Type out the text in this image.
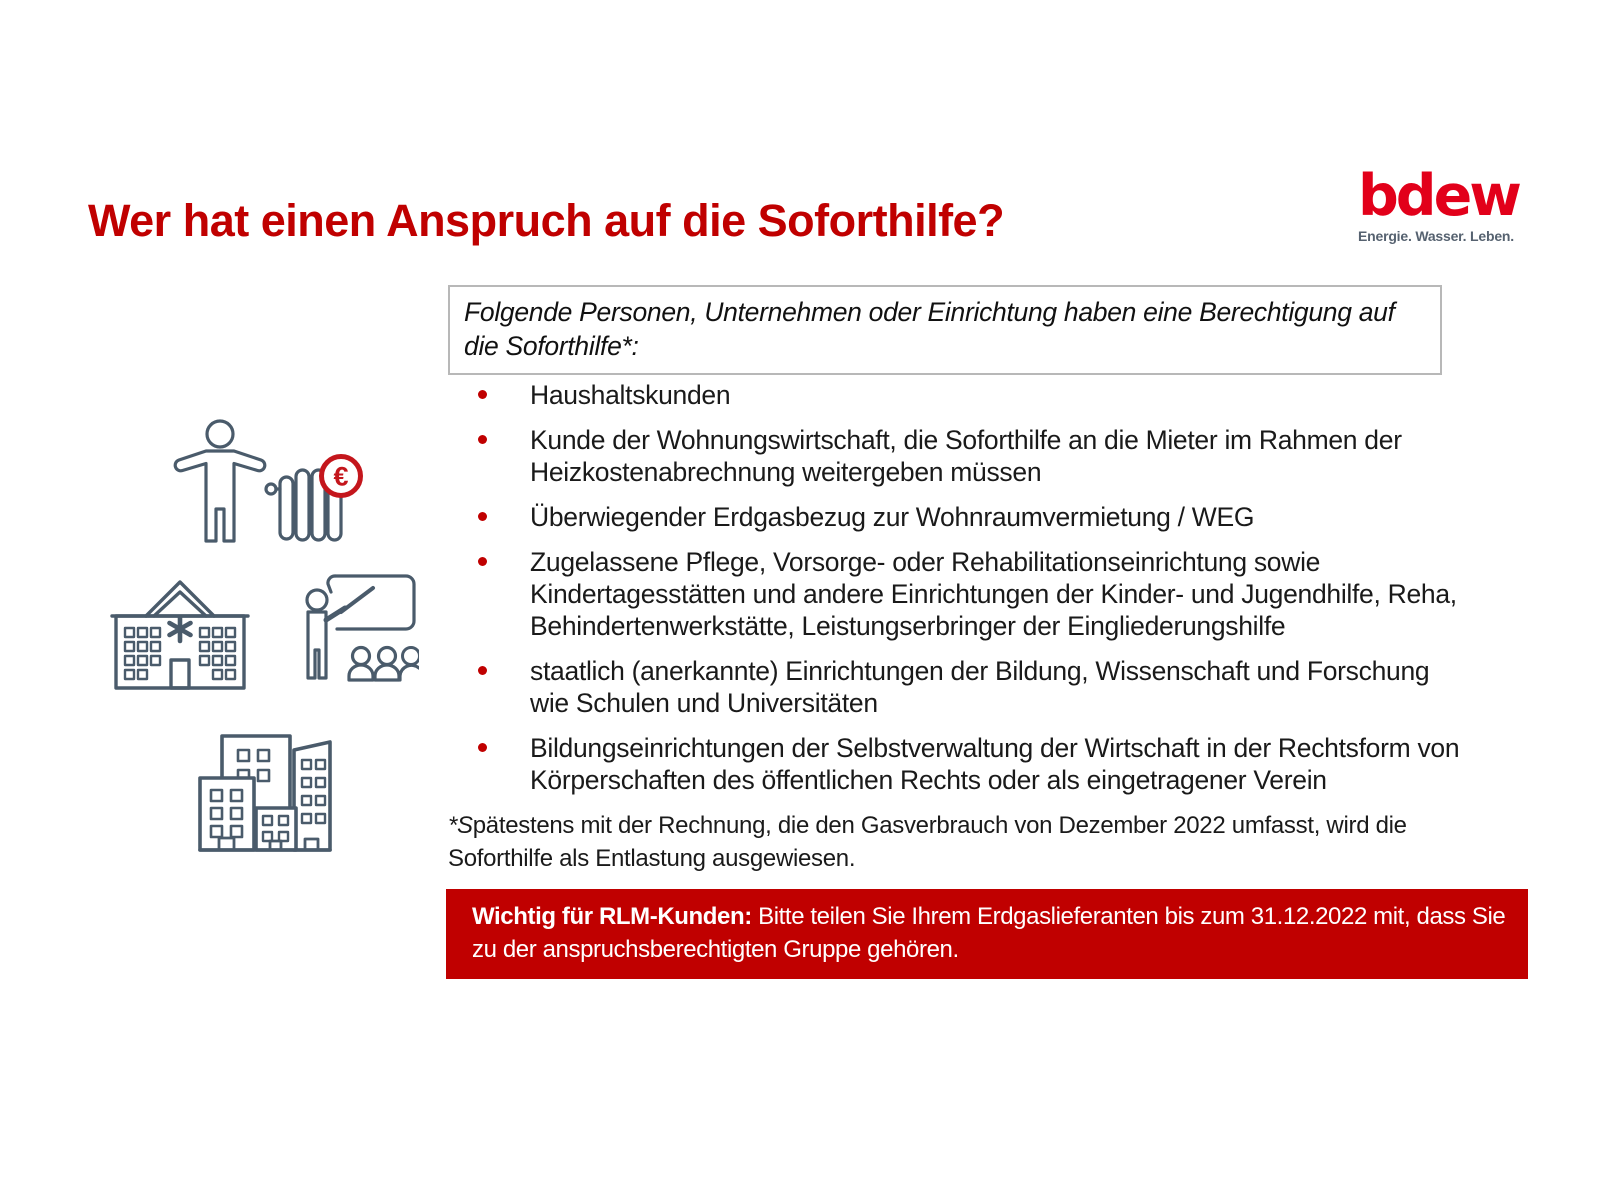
Wer hat einen Anspruch auf die Soforthilfe?	bdew
Energie. Wasser. Leben.
€
Folgende Personen, Unternehmen oder Einrichtung haben eine Berechtigung auf die Soforthilfe*:
Haushaltskunden
Kunde der Wohnungswirtschaft, die Soforthilfe an die Mieter im Rahmen der Heizkostenabrechnung weitergeben müssen
Überwiegender Erdgasbezug zur Wohnraumvermietung / WEG
Zugelassene Pflege, Vorsorge- oder Rehabilitationseinrichtung sowie Kindertagesstätten und andere Einrichtungen der Kinder- und Jugendhilfe, Reha, Behindertenwerkstätte, Leistungserbringer der Eingliederungshilfe
staatlich (anerkannte) Einrichtungen der Bildung, Wissenschaft und Forschung wie Schulen und Universitäten
Bildungseinrichtungen der Selbstverwaltung der Wirtschaft in der Rechtsform von Körperschaften des öffentlichen Rechts oder als eingetragener Verein

*Spätestens mit der Rechnung, die den Gasverbrauch von Dezember 2022 umfasst, wird die Soforthilfe als Entlastung ausgewiesen.

Wichtig für RLM-Kunden: Bitte teilen Sie Ihrem Erdgaslieferanten bis zum 31.12.2022 mit, dass Sie zu der anspruchsberechtigten Gruppe gehören.
